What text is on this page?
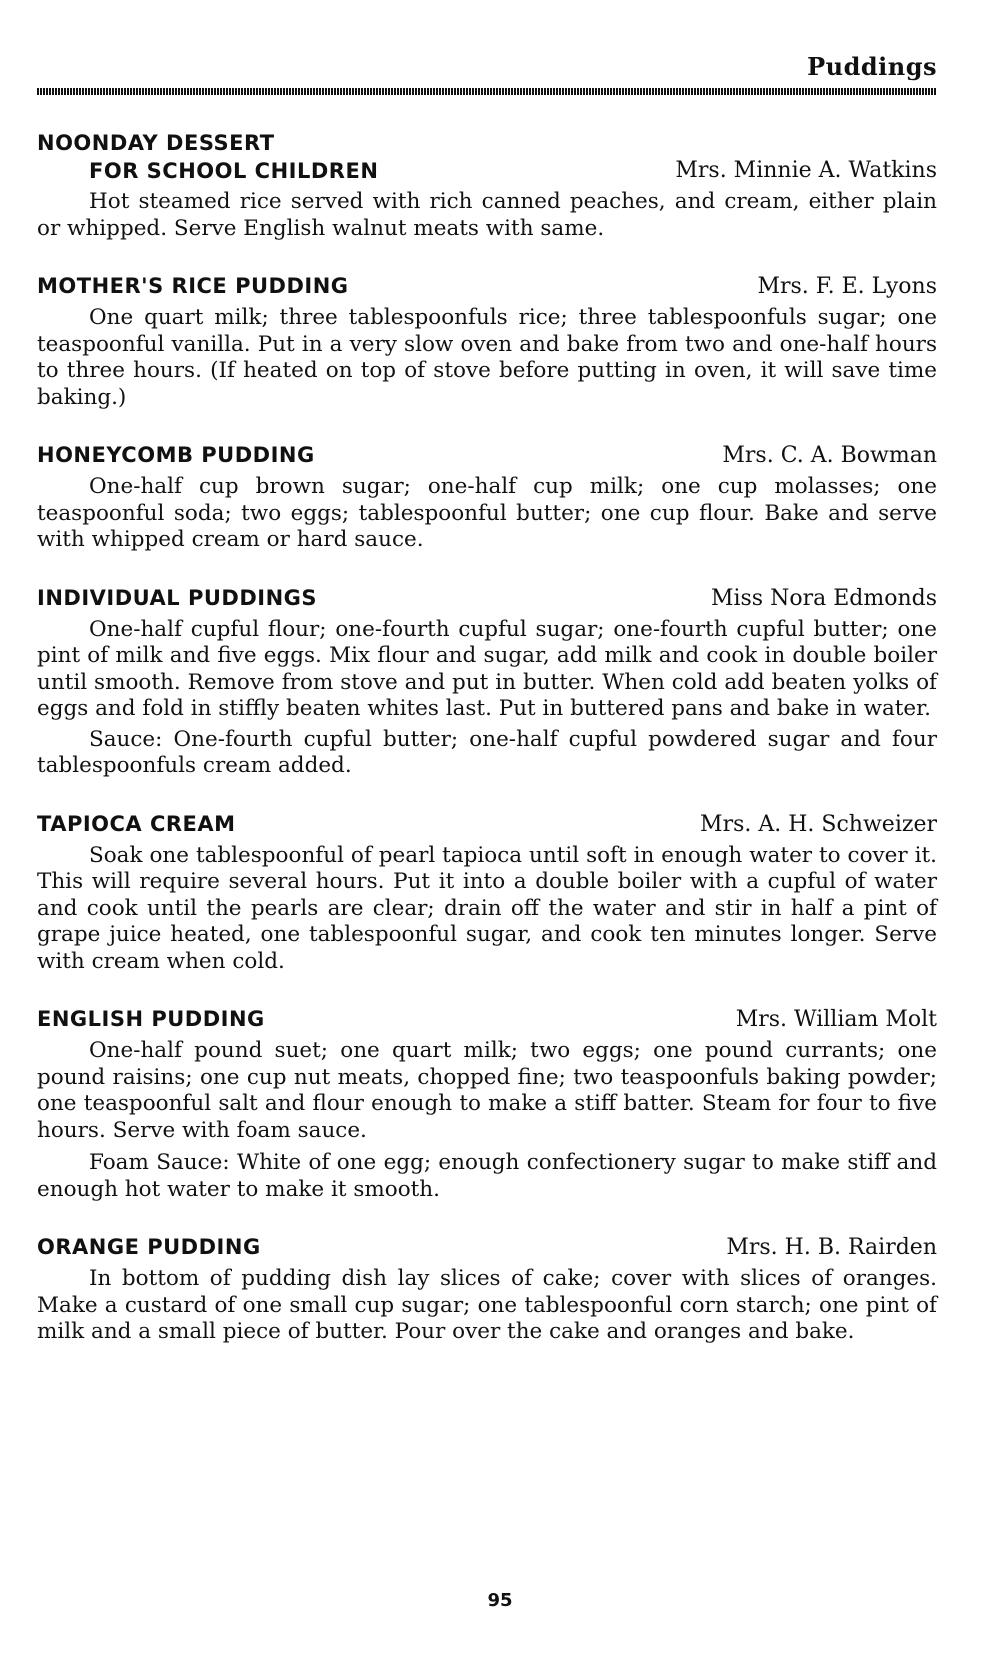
Puddings
NOONDAY DESSERT
FOR SCHOOL CHILDREN	Mrs. Minnie A. Watkins

Hot steamed rice served with rich canned peaches, and cream, either plain or whipped. Serve English walnut meats with same.

MOTHER'S RICE PUDDING	Mrs. F. E. Lyons

One quart milk; three tablespoonfuls rice; three tablespoonfuls sugar; one teaspoonful vanilla. Put in a very slow oven and bake from two and one-half hours to three hours. (If heated on top of stove before putting in oven, it will save time baking.)

HONEYCOMB PUDDING	Mrs. C. A. Bowman

One-half cup brown sugar; one-half cup milk; one cup molasses; one teaspoonful soda; two eggs; tablespoonful butter; one cup flour. Bake and serve with whipped cream or hard sauce.

INDIVIDUAL PUDDINGS	Miss Nora Edmonds

One-half cupful flour; one-fourth cupful sugar; one-fourth cupful butter; one pint of milk and five eggs. Mix flour and sugar, add milk and cook in double boiler until smooth. Remove from stove and put in butter. When cold add beaten yolks of eggs and fold in stiffly beaten whites last. Put in buttered pans and bake in water.

Sauce: One-fourth cupful butter; one-half cupful powdered sugar and four tablespoonfuls cream added.

TAPIOCA CREAM	Mrs. A. H. Schweizer

Soak one tablespoonful of pearl tapioca until soft in enough water to cover it. This will require several hours. Put it into a double boiler with a cupful of water and cook until the pearls are clear; drain off the water and stir in half a pint of grape juice heated, one tablespoonful sugar, and cook ten minutes longer. Serve with cream when cold.

ENGLISH PUDDING	Mrs. William Molt

One-half pound suet; one quart milk; two eggs; one pound currants; one pound raisins; one cup nut meats, chopped fine; two teaspoonfuls baking powder; one teaspoonful salt and flour enough to make a stiff batter. Steam for four to five hours. Serve with foam sauce.

Foam Sauce: White of one egg; enough confectionery sugar to make stiff and enough hot water to make it smooth.

ORANGE PUDDING	Mrs. H. B. Rairden

In bottom of pudding dish lay slices of cake; cover with slices of oranges. Make a custard of one small cup sugar; one tablespoonful corn starch; one pint of milk and a small piece of butter. Pour over the cake and oranges and bake.

95
